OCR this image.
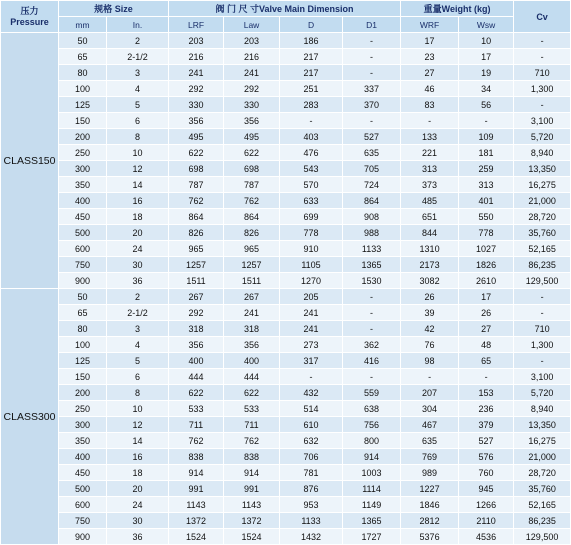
压力
Pressure	规格 Size		阀 门 尺 寸Valve Main Dimension				重量Weight (kg)		Cv
	mm	In.	LRF	Law	D	D1	WRF	Wsw	
CLASS150	50	2	203	203	186	-	17	10	-
	65	2-1/2	216	216	217	-	23	17	-
	80	3	241	241	217	-	27	19	710
	100	4	292	292	251	337	46	34	1,300
	125	5	330	330	283	370	83	56	-
	150	6	356	356	-	-	-	-	3,100
	200	8	495	495	403	527	133	109	5,720
	250	10	622	622	476	635	221	181	8,940
	300	12	698	698	543	705	313	259	13,350
	350	14	787	787	570	724	373	313	16,275
	400	16	762	762	633	864	485	401	21,000
	450	18	864	864	699	908	651	550	28,720
	500	20	826	826	778	988	844	778	35,760
	600	24	965	965	910	1133	1310	1027	52,165
	750	30	1257	1257	1105	1365	2173	1826	86,235
	900	36	1511	1511	1270	1530	3082	2610	129,500
CLASS300	50	2	267	267	205	-	26	17	-
	65	2-1/2	292	241	241	-	39	26	-
	80	3	318	318	241	-	42	27	710
	100	4	356	356	273	362	76	48	1,300
	125	5	400	400	317	416	98	65	-
	150	6	444	444	-	-	-	-	3,100
	200	8	622	622	432	559	207	153	5,720
	250	10	533	533	514	638	304	236	8,940
	300	12	711	711	610	756	467	379	13,350
	350	14	762	762	632	800	635	527	16,275
	400	16	838	838	706	914	769	576	21,000
	450	18	914	914	781	1003	989	760	28,720
	500	20	991	991	876	1114	1227	945	35,760
	600	24	1143	1143	953	1149	1846	1266	52,165
	750	30	1372	1372	1133	1365	2812	2110	86,235
	900	36	1524	1524	1432	1727	5376	4536	129,500
